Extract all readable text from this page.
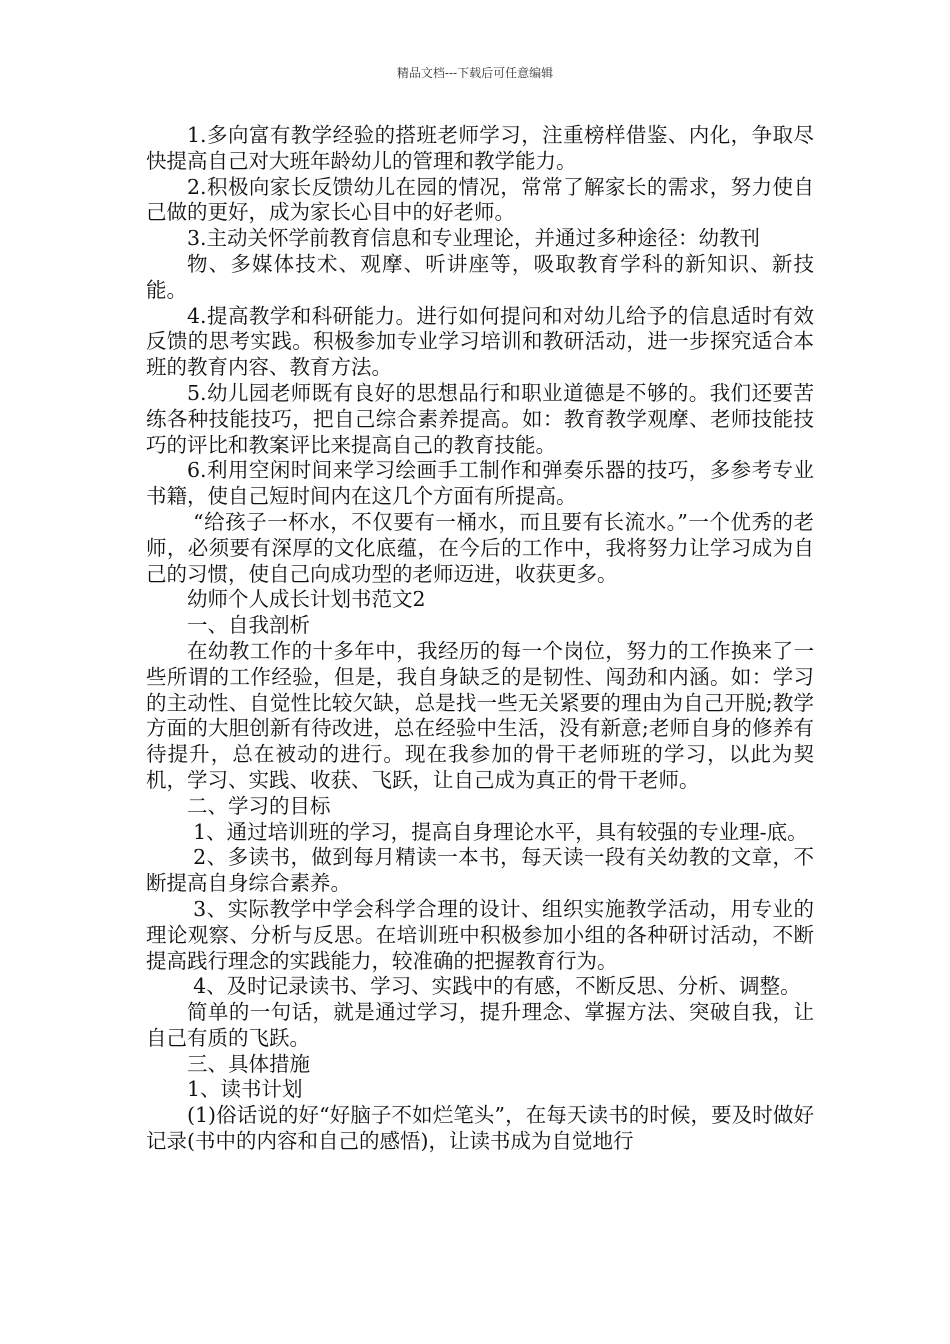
精品文档---下载后可任意编辑

1.多向富有教学经验的搭班老师学习，注重榜样借鉴、内化，争取尽快提高自己对大班年龄幼儿的管理和教学能力。

2.积极向家长反馈幼儿在园的情况，常常了解家长的需求，努力使自己做的更好，成为家长心目中的好老师。

3.主动关怀学前教育信息和专业理论，并通过多种途径：幼教刊

物、多媒体技术、观摩、听讲座等，吸取教育学科的新知识、新技能。

4.提高教学和科研能力。进行如何提问和对幼儿给予的信息适时有效反馈的思考实践。积极参加专业学习培训和教研活动，进一步探究适合本班的教育内容、教育方法。

5.幼儿园老师既有良好的思想品行和职业道德是不够的。我们还要苦练各种技能技巧，把自己综合素养提高。如：教育教学观摩、老师技能技巧的评比和教案评比来提高自己的教育技能。

6.利用空闲时间来学习绘画手工制作和弹奏乐器的技巧，多参考专业书籍，使自己短时间内在这几个方面有所提高。

“给孩子一杯水，不仅要有一桶水，而且要有长流水。”一个优秀的老师，必须要有深厚的文化底蕴，在今后的工作中，我将努力让学习成为自己的习惯，使自己向成功型的老师迈进，收获更多。

幼师个人成长计划书范文2

一、自我剖析

在幼教工作的十多年中，我经历的每一个岗位，努力的工作换来了一些所谓的工作经验，但是，我自身缺乏的是韧性、闯劲和内涵。如：学习的主动性、自觉性比较欠缺，总是找一些无关紧要的理由为自己开脱;教学方面的大胆创新有待改进，总在经验中生活，没有新意;老师自身的修养有待提升，总在被动的进行。现在我参加的骨干老师班的学习，以此为契机，学习、实践、收获、飞跃，让自己成为真正的骨干老师。

二、学习的目标

1、通过培训班的学习，提高自身理论水平，具有较强的专业理-底。

2、多读书，做到每月精读一本书，每天读一段有关幼教的文章，不断提高自身综合素养。

3、实际教学中学会科学合理的设计、组织实施教学活动，用专业的理论观察、分析与反思。在培训班中积极参加小组的各种研讨活动，不断提高践行理念的实践能力，较准确的把握教育行为。

4、及时记录读书、学习、实践中的有感，不断反思、分析、调整。

简单的一句话，就是通过学习，提升理念、掌握方法、突破自我，让自己有质的飞跃。

三、具体措施

1、读书计划

(1)俗话说的好“好脑子不如烂笔头”，在每天读书的时候，要及时做好记录(书中的内容和自己的感悟)，让读书成为自觉地行
